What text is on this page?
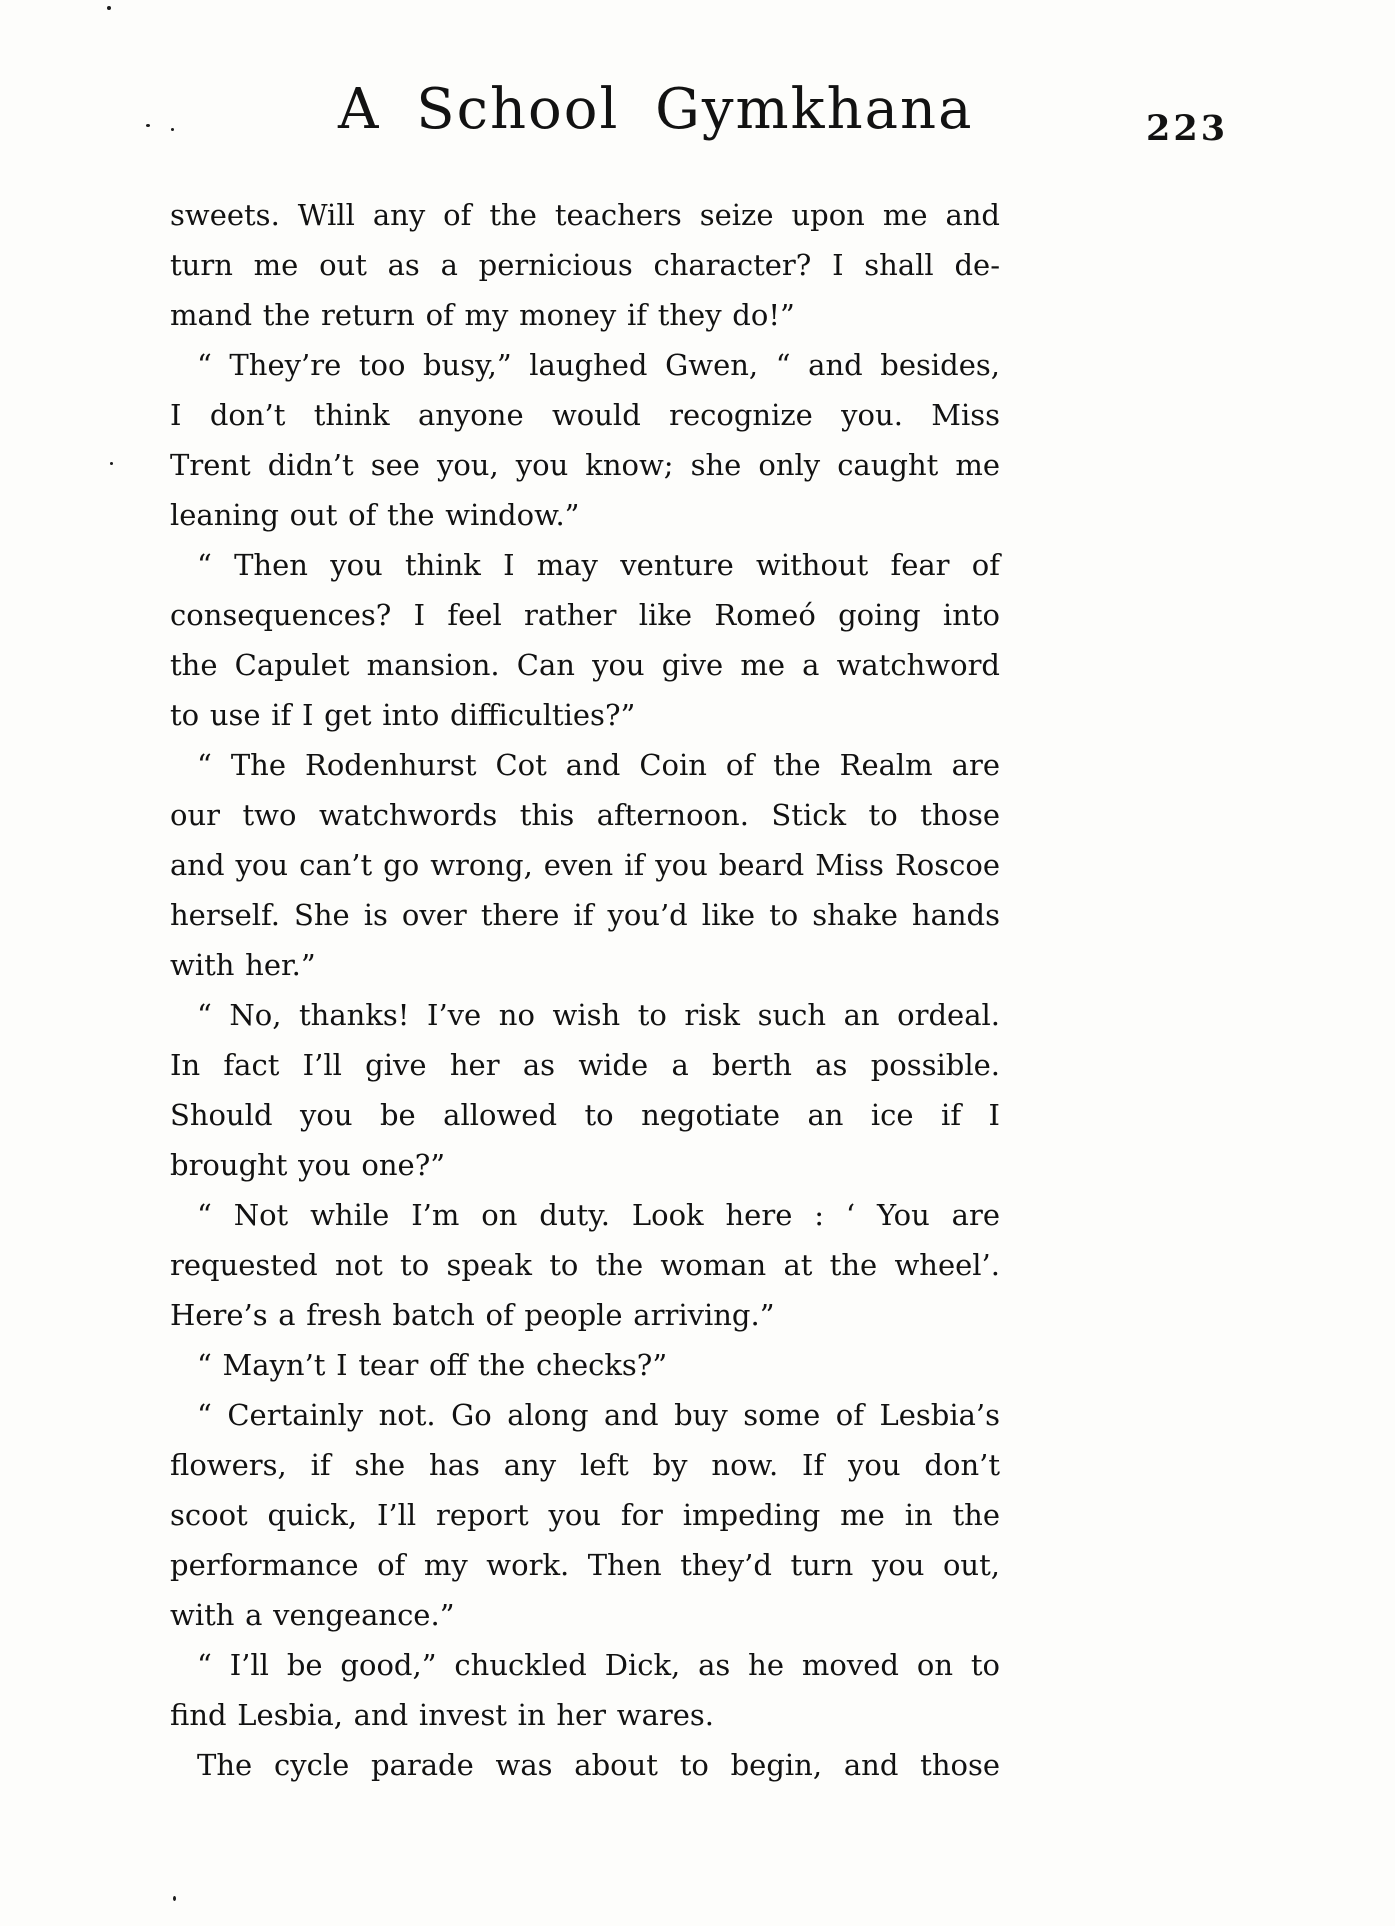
A School Gymkhana	223

sweets. Will any of the teachers seize upon me and
turn me out as a pernicious character? I shall de-
mand the return of my money if they do!”

“ They’re too busy,” laughed Gwen, “ and besides,
I don’t think anyone would recognize you. Miss
Trent didn’t see you, you know; she only caught me
leaning out of the window.”

“ Then you think I may venture without fear of
consequences? I feel rather like Romeó going into
the Capulet mansion. Can you give me a watchword
to use if I get into difficulties?”

“ The Rodenhurst Cot and Coin of the Realm are
our two watchwords this afternoon. Stick to those
and you can’t go wrong, even if you beard Miss Roscoe
herself. She is over there if you’d like to shake hands
with her.”

“ No, thanks! I’ve no wish to risk such an ordeal.
In fact I’ll give her as wide a berth as possible.
Should you be allowed to negotiate an ice if I
brought you one?”

“ Not while I’m on duty. Look here : ‘ You are
requested not to speak to the woman at the wheel’.
Here’s a fresh batch of people arriving.”

“ Mayn’t I tear off the checks?”

“ Certainly not. Go along and buy some of Lesbia’s
flowers, if she has any left by now. If you don’t
scoot quick, I’ll report you for impeding me in the
performance of my work. Then they’d turn you out,
with a vengeance.”

“ I’ll be good,” chuckled Dick, as he moved on to
find Lesbia, and invest in her wares.

The cycle parade was about to begin, and those
